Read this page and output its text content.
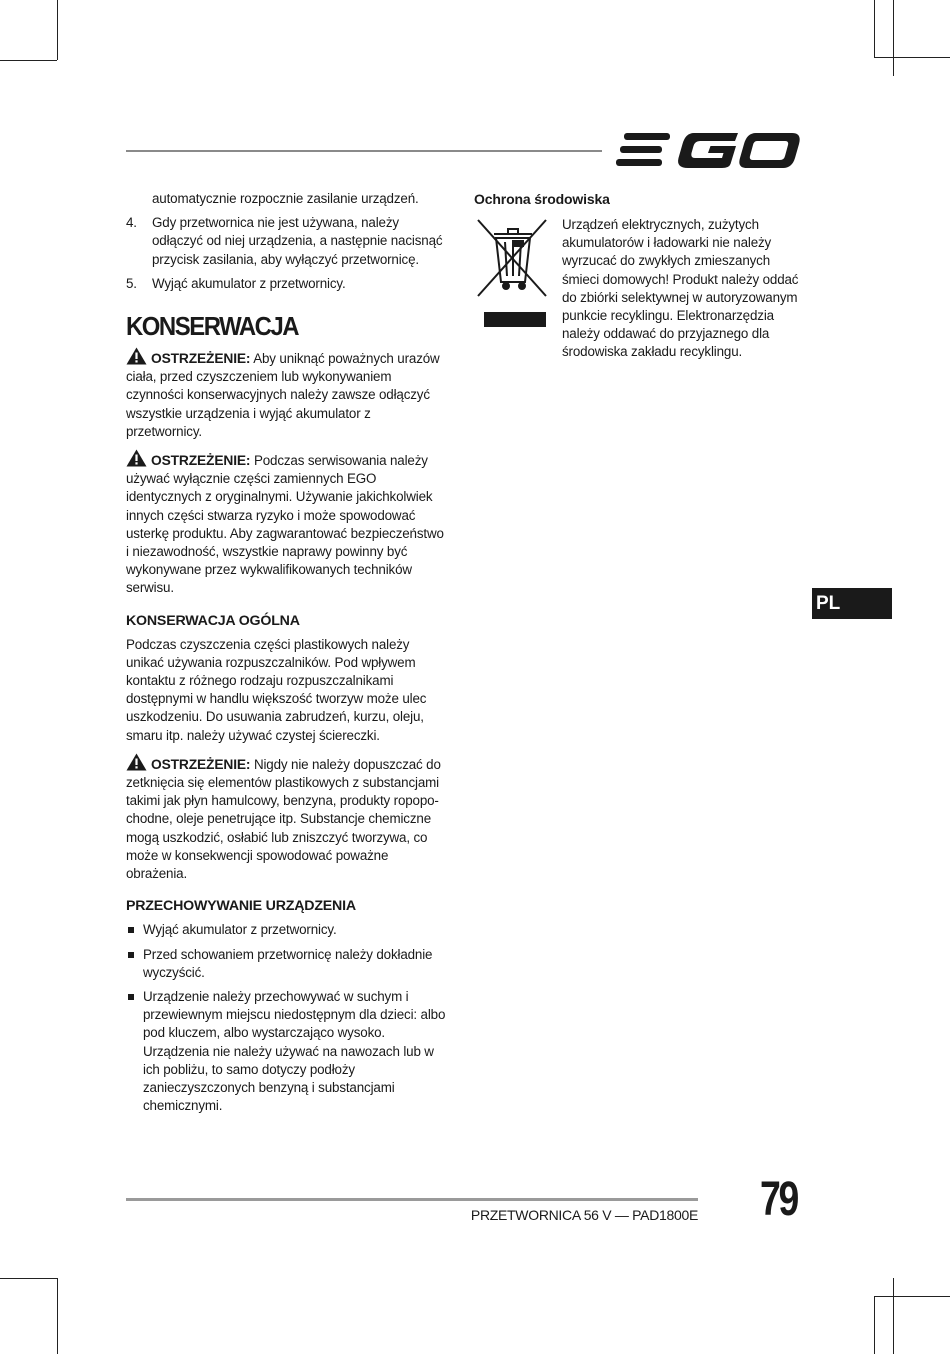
automatycznie rozpocznie zasilanie urządzeń.

4.	Gdy przetwornica nie jest używana, należy odłączyć od niej urządzenia, a następnie nacisnąć przycisk zasilania, aby wyłączyć przetwornicę.
5.	Wyjąć akumulator z przetwornicy.
KONSERWACJA

OSTRZEŻENIE: Aby uniknąć poważnych urazów ciała, przed czyszczeniem lub wykonywaniem czynności konserwacyjnych należy zawsze odłączyć wszystkie urządzenia i wyjąć akumulator z przetwornicy.

OSTRZEŻENIE: Podczas serwisowania należy używać wyłącznie części zamiennych EGO identycznych z oryginalnymi. Używanie jakichkolwiek innych części stwarza ryzyko i może spowodować usterkę produktu. Aby zagwarantować bezpieczeństwo i niezawodność, wszystkie naprawy powinny być wykonywane przez wykwalifikowanych techników serwisu.

KONSERWACJA OGÓLNA

Podczas czyszczenia części plastikowych należy unikać używania rozpuszczalników. Pod wpływem kontaktu z różnego rodzaju rozpuszczalnikami dostępnymi w handlu większość tworzyw może ulec uszkodzeniu. Do usuwania zabrudzeń, kurzu, oleju, smaru itp. należy używać czystej ściereczki.

OSTRZEŻENIE: Nigdy nie należy dopuszczać do zetknięcia się elementów plastikowych z substancjami takimi jak płyn hamulcowy, benzyna, produkty ropopo-chodne, oleje penetrujące itp. Substancje chemiczne mogą uszkodzić, osłabić lub zniszczyć tworzywa, co może w konsekwencji spowodować poważne obrażenia.

PRZECHOWYWANIE URZĄDZENIA
Wyjąć akumulator z przetwornicy.
Przed schowaniem przetwornicę należy dokładnie wyczyścić.
Urządzenie należy przechowywać w suchym i przewiewnym miejscu niedostępnym dla dzieci: albo pod kluczem, albo wystarczająco wysoko. Urządzenia nie należy używać na nawozach lub w ich pobliżu, to samo dotyczy podłoży zanieczyszczonych benzyną i substancjami chemicznymi.
Ochrona środowiska

Urządzeń elektrycznych, zużytych akumulatorów i ładowarki nie należy wyrzucać do zwykłych zmieszanych śmieci domowych! Produkt należy oddać do zbiórki selektywnej w autoryzowanym punkcie recyklingu. Elektronarzędzia należy oddawać do przyjaznego dla środowiska zakładu recyklingu.

PL
PRZETWORNICA 56 V — PAD1800E 79
